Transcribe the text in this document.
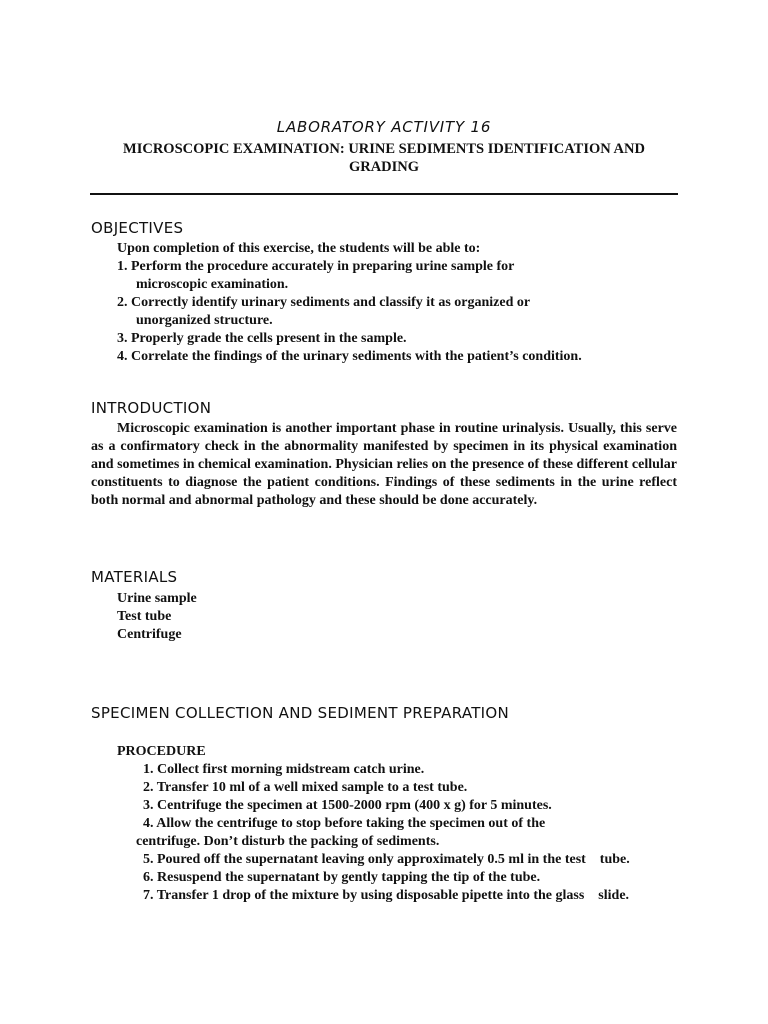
LABORATORY ACTIVITY 16
MICROSCOPIC EXAMINATION: URINE SEDIMENTS IDENTIFICATION AND GRADING
OBJECTIVES
Upon completion of this exercise, the students will be able to:
1. Perform the procedure accurately in preparing urine sample for
microscopic examination.
2. Correctly identify urinary sediments and classify it as organized or
unorganized structure.
3. Properly grade the cells present in the sample.
4. Correlate the findings of the urinary sediments with the patient’s condition.
INTRODUCTION
Microscopic examination is another important phase in routine urinalysis. Usually, this serve as a confirmatory check in the abnormality manifested by specimen in its physical examination and sometimes in chemical examination. Physician relies on the presence of these different cellular constituents to diagnose the patient conditions. Findings of these sediments in the urine reflect both normal and abnormal pathology and these should be done accurately.
MATERIALS
Urine sample
Test tube
Centrifuge
SPECIMEN COLLECTION AND SEDIMENT PREPARATION
PROCEDURE
1. Collect first morning midstream catch urine.
2. Transfer 10 ml of a well mixed sample to a test tube.
3. Centrifuge the specimen at 1500-2000 rpm (400 x g) for 5 minutes.
4. Allow the centrifuge to stop before taking the specimen out of the
centrifuge. Don’t disturb the packing of sediments.
5. Poured off the supernatant leaving only approximately 0.5 ml in the test    tube.
6. Resuspend the supernatant by gently tapping the tip of the tube.
7. Transfer 1 drop of the mixture by using disposable pipette into the glass    slide.
